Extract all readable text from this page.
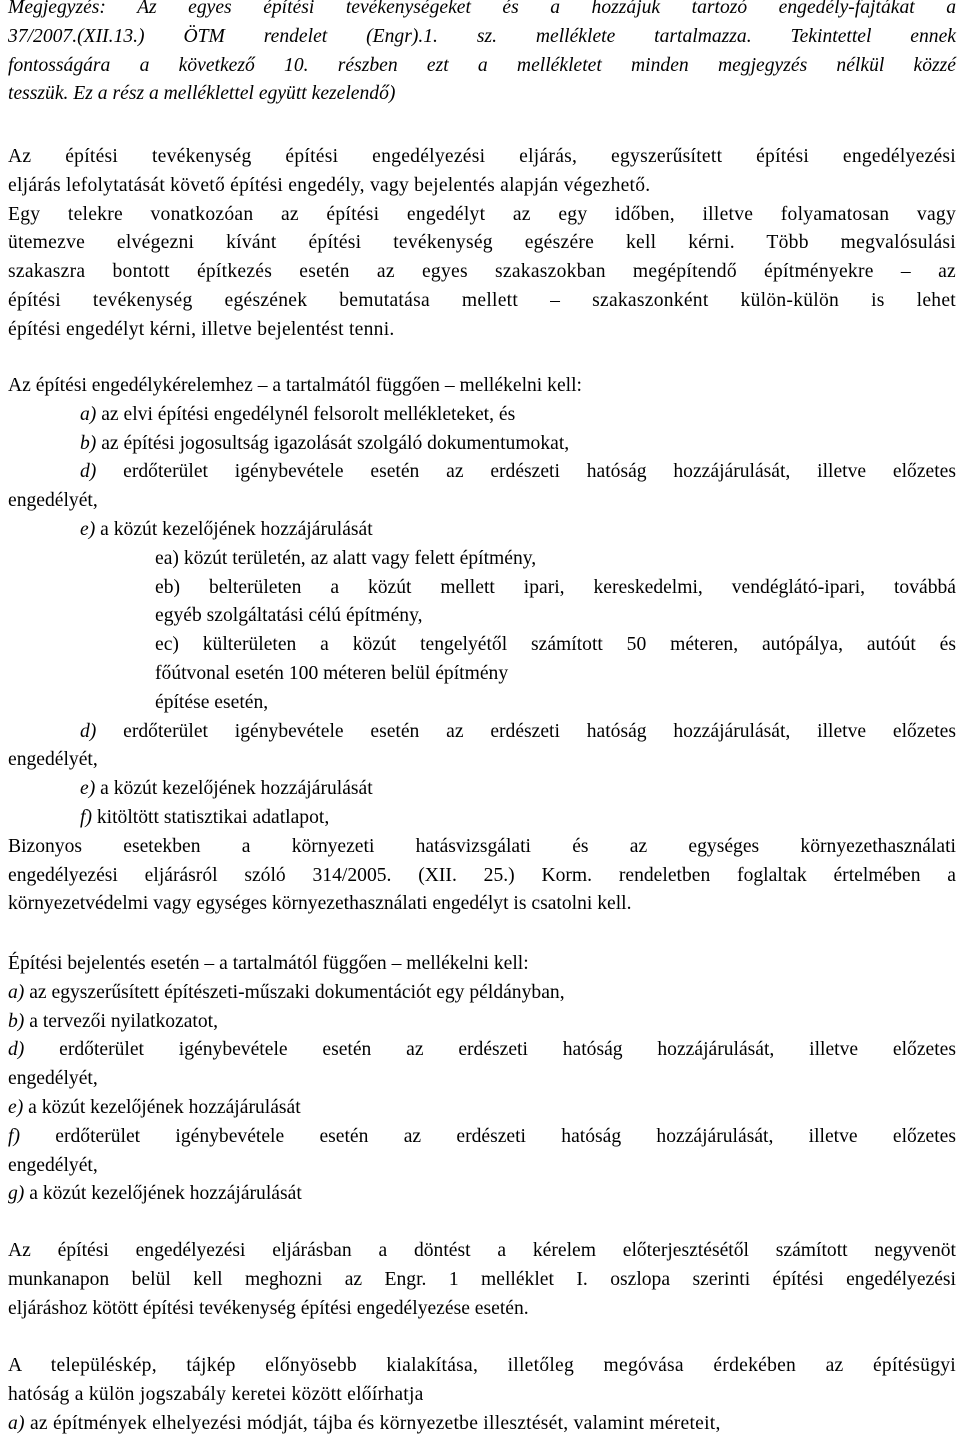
Megjegyzés: Az egyes építési tevékenységeket és a hozzájuk tartozó engedély-fajtákat a
37/2007.(XII.13.) ÖTM rendelet (Engr).1. sz. melléklete tartalmazza. Tekintettel ennek
fontosságára a következő 10. részben ezt a mellékletet minden megjegyzés nélkül közzé
tesszük. Ez a rész a melléklettel együtt kezelendő)
Az építési tevékenység építési engedélyezési eljárás, egyszerűsített építési engedélyezési
eljárás lefolytatását követő építési engedély, vagy bejelentés alapján végezhető.
Egy telekre vonatkozóan az építési engedélyt az egy időben, illetve folyamatosan vagy
ütemezve elvégezni kívánt építési tevékenység egészére kell kérni. Több megvalósulási
szakaszra bontott építkezés esetén az egyes szakaszokban megépítendő építményekre – az
építési tevékenység egészének bemutatása mellett – szakaszonként külön-külön is lehet
építési engedélyt kérni, illetve bejelentést tenni.
Az építési engedélykérelemhez – a tartalmától függően – mellékelni kell:
a) az elvi építési engedélynél felsorolt mellékleteket, és
b) az építési jogosultság igazolását szolgáló dokumentumokat,
d) erdőterület igénybevétele esetén az erdészeti hatóság hozzájárulását, illetve előzetes
engedélyét,
e) a közút kezelőjének hozzájárulását
ea) közút területén, az alatt vagy felett építmény,
eb) belterületen a közút mellett ipari, kereskedelmi, vendéglátó-ipari, továbbá
egyéb szolgáltatási célú építmény,
ec) külterületen a közút tengelyétől számított 50 méteren, autópálya, autóút és
főútvonal esetén 100 méteren belül építmény
építése esetén,
d) erdőterület igénybevétele esetén az erdészeti hatóság hozzájárulását, illetve előzetes
engedélyét,
e) a közút kezelőjének hozzájárulását
f) kitöltött statisztikai adatlapot,
Bizonyos esetekben a környezeti hatásvizsgálati és az egységes környezethasználati
engedélyezési eljárásról szóló 314/2005. (XII. 25.) Korm. rendeletben foglaltak értelmében a
környezetvédelmi vagy egységes környezethasználati engedélyt is csatolni kell.
Építési bejelentés esetén – a tartalmától függően – mellékelni kell:
a) az egyszerűsített építészeti-műszaki dokumentációt egy példányban,
b) a tervezői nyilatkozatot,
d) erdőterület igénybevétele esetén az erdészeti hatóság hozzájárulását, illetve előzetes
engedélyét,
e) a közút kezelőjének hozzájárulását
f) erdőterület igénybevétele esetén az erdészeti hatóság hozzájárulását, illetve előzetes
engedélyét,
g) a közút kezelőjének hozzájárulását
Az építési engedélyezési eljárásban a döntést a kérelem előterjesztésétől számított negyvenöt
munkanapon belül kell meghozni az Engr. 1 melléklet I. oszlopa szerinti építési engedélyezési
eljáráshoz kötött építési tevékenység építési engedélyezése esetén.
A településkép, tájkép előnyösebb kialakítása, illetőleg megóvása érdekében az építésügyi
hatóság a külön jogszabály keretei között előírhatja
a) az építmények elhelyezési módját, tájba és környezetbe illesztését, valamint méreteit,
